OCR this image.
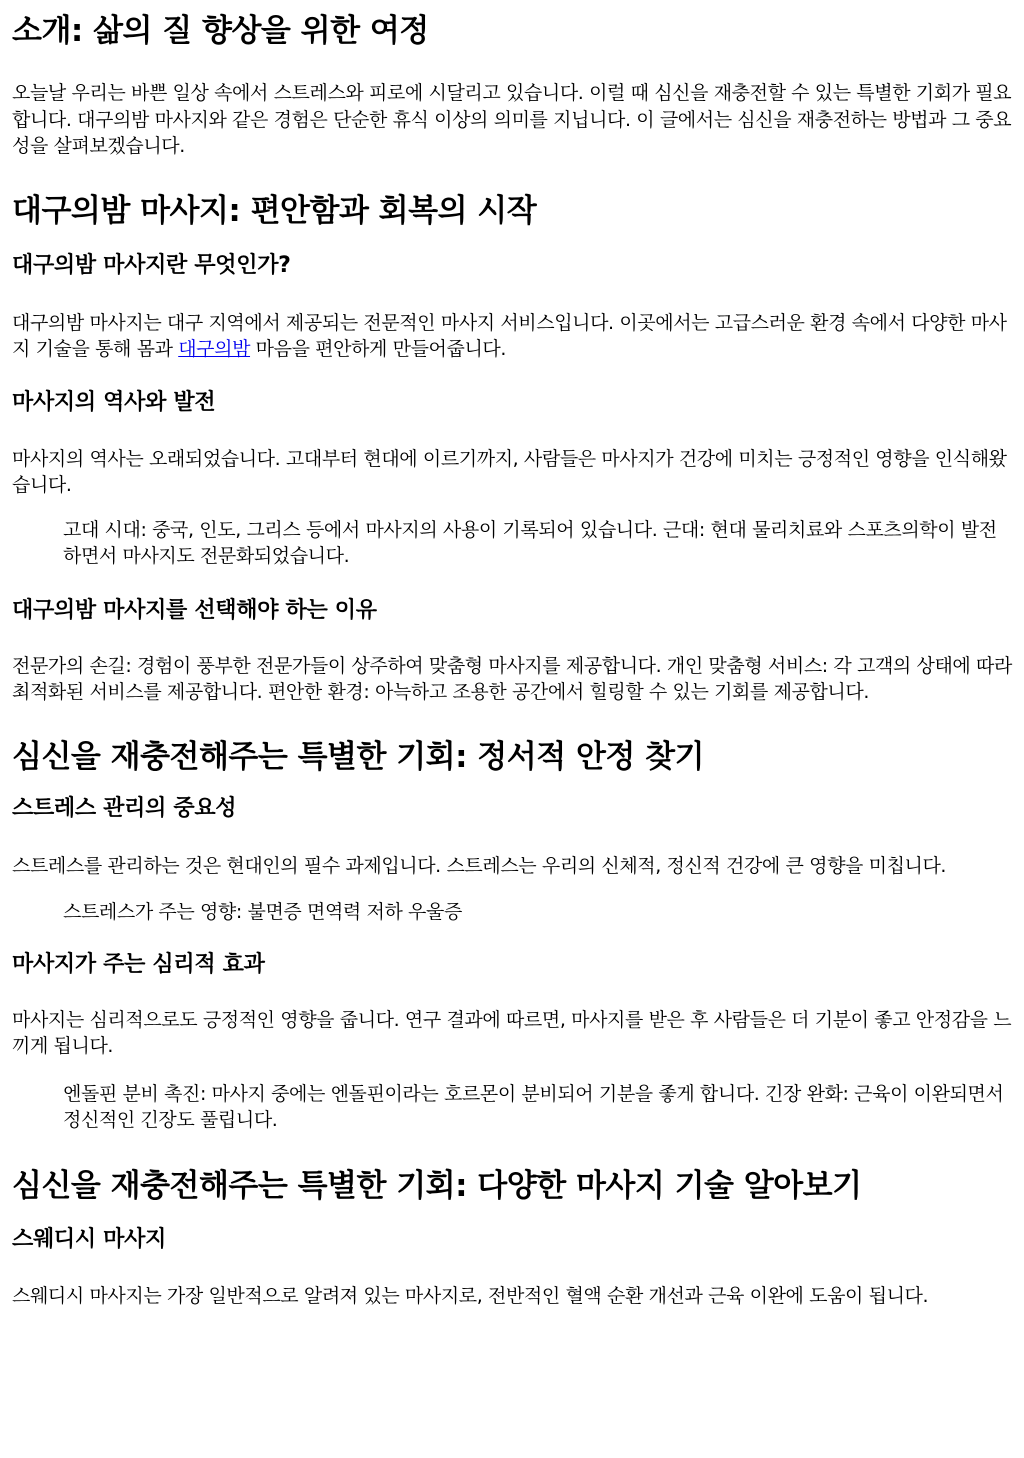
소개: 삶의 질 향상을 위한 여정

오늘날 우리는 바쁜 일상 속에서 스트레스와 피로에 시달리고 있습니다. 이럴 때 심신을 재충전할 수 있는 특별한 기회가 필요합니다. 대구의밤 마사지와 같은 경험은 단순한 휴식 이상의 의미를 지닙니다. 이 글에서는 심신을 재충전하는 방법과 그 중요성을 살펴보겠습니다.

대구의밤 마사지: 편안함과 회복의 시작
대구의밤 마사지란 무엇인가?

대구의밤 마사지는 대구 지역에서 제공되는 전문적인 마사지 서비스입니다. 이곳에서는 고급스러운 환경 속에서 다양한 마사지 기술을 통해 몸과 대구의밤 마음을 편안하게 만들어줍니다.

마사지의 역사와 발전

마사지의 역사는 오래되었습니다. 고대부터 현대에 이르기까지, 사람들은 마사지가 건강에 미치는 긍정적인 영향을 인식해왔습니다.

고대 시대: 중국, 인도, 그리스 등에서 마사지의 사용이 기록되어 있습니다. 근대: 현대 물리치료와 스포츠의학이 발전하면서 마사지도 전문화되었습니다.
대구의밤 마사지를 선택해야 하는 이유

전문가의 손길: 경험이 풍부한 전문가들이 상주하여 맞춤형 마사지를 제공합니다. 개인 맞춤형 서비스: 각 고객의 상태에 따라 최적화된 서비스를 제공합니다. 편안한 환경: 아늑하고 조용한 공간에서 힐링할 수 있는 기회를 제공합니다.

심신을 재충전해주는 특별한 기회: 정서적 안정 찾기
스트레스 관리의 중요성

스트레스를 관리하는 것은 현대인의 필수 과제입니다. 스트레스는 우리의 신체적, 정신적 건강에 큰 영향을 미칩니다.

스트레스가 주는 영향: 불면증 면역력 저하 우울증
마사지가 주는 심리적 효과

마사지는 심리적으로도 긍정적인 영향을 줍니다. 연구 결과에 따르면, 마사지를 받은 후 사람들은 더 기분이 좋고 안정감을 느끼게 됩니다.

엔돌핀 분비 촉진: 마사지 중에는 엔돌핀이라는 호르몬이 분비되어 기분을 좋게 합니다. 긴장 완화: 근육이 이완되면서 정신적인 긴장도 풀립니다.
심신을 재충전해주는 특별한 기회: 다양한 마사지 기술 알아보기
스웨디시 마사지

스웨디시 마사지는 가장 일반적으로 알려져 있는 마사지로, 전반적인 혈액 순환 개선과 근육 이완에 도움이 됩니다.
